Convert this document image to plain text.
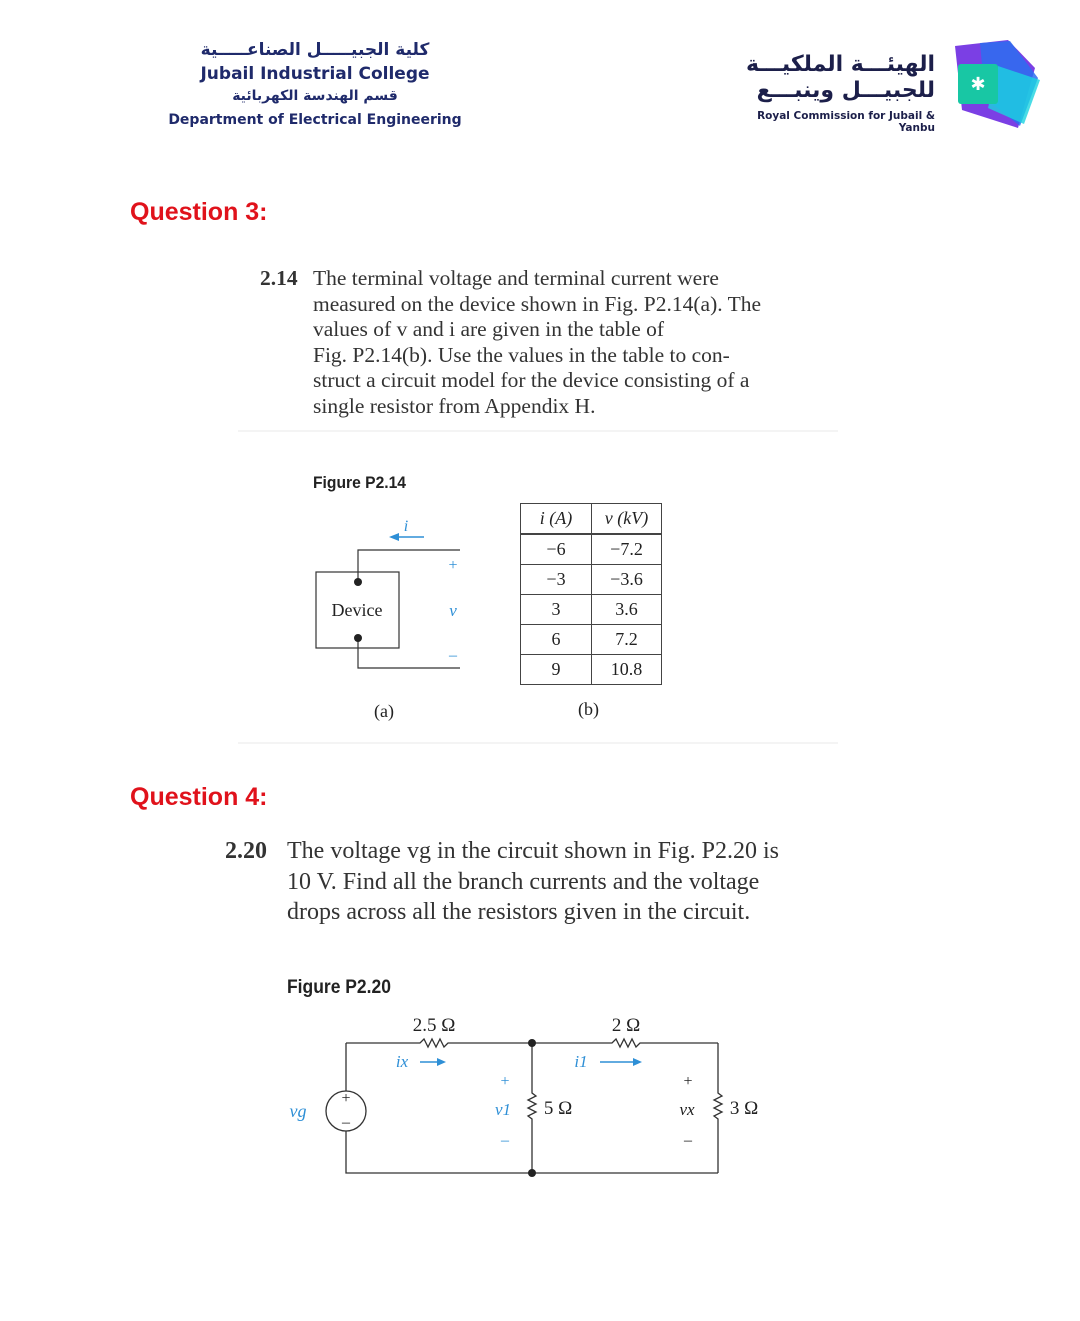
كلية الجبيـــــل الصناعـــــية
Jubail Industrial College
قسم الهندسة الكهربائية
Department of Electrical Engineering
الهيئـــة الملكيـــة
للجبيـــل وينبـــع
Royal Commission for Jubail & Yanbu
✱
Question 3:
2.14 The terminal voltage and terminal current were
measured on the device shown in Fig. P2.14(a). The
values of v and i are given in the table of
Fig. P2.14(b). Use the values in the table to con-
struct a circuit model for the device consisting of a
single resistor from Appendix H.
Figure P2.14
i
+
v
–
Device
(a)
i (A)	v (kV)
−6	−7.2
−3	−3.6
3	3.6
6	7.2
9	10.8
(b)
Question 4:
2.20 The voltage vg in the circuit shown in Fig. P2.20 is
10 V. Find all the branch currents and the voltage
drops across all the resistors given in the circuit.
Figure P2.20
+
–
vg
2.5 Ω	2 Ω
5 Ω	3 Ω
ix	i1
+
v1
–
+
vx
–
